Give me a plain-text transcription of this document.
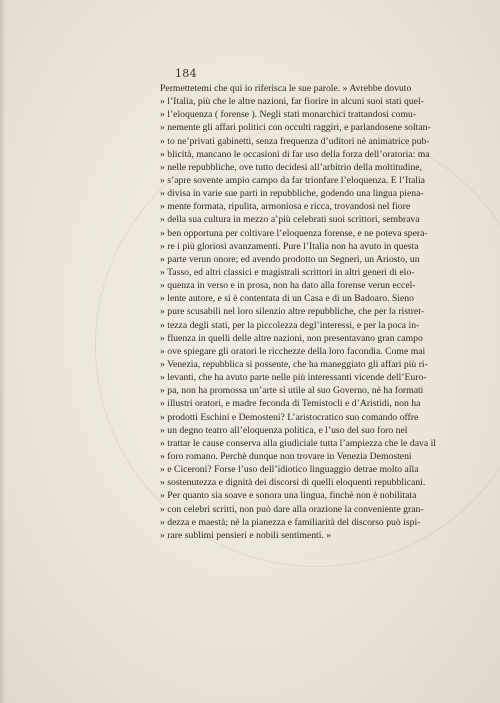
184
Permettetemi che qui io riferisca le sue parole. » Avrebbe dovuto
» l’Italia, più che le altre nazioni, far fiorire in alcuni suoi stati quel-
» l’eloquenza ( forense ). Negli stati monarchici trattandosi comu-
» nemente gli affari politici con occulti raggiri, e parlandosene soltan-
» to ne’privati gabinetti, senza frequenza d’uditori nè animatrice pub-
» blicità, mancano le occasioni di far uso della forza dell’oratoria: ma
» nelle repubbliche, ove tutto decidesi all’arbitrio della moltitudine,
» s’apre sovente ampio campo da far trionfare l’eloquenza. E l’Italia
» divisa in varie sue parti in repubbliche, godendo una lingua piena-
» mente formata, ripulita, armoniosa e ricca, trovandosi nel fiore
» della sua cultura in mezzo a’più celebrati suoi scrittori, sembrava
» ben opportuna per coltivare l’eloquenza forense, e ne poteva spera-
» re i più gloriosi avanzamenti. Pure l’Italia non ha avuto in questa
» parte verun onore; ed avendo prodotto un Segneri, un Ariosto, un
» Tasso, ed altri classici e magistrali scrittori in altri generi di elo-
» quenza in verso e in prosa, non ha dato alla forense verun eccel-
» lente autore, e si è contentata di un Casa e di un Badoaro. Sieno
» pure scusabili nel loro silenzio altre repubbliche, che per la ristret-
» tezza degli stati, per la piccolezza degl’interessi, e per la poca in-
» fluenza in quelli delle altre nazioni, non presentavano gran campo
» ove spiegare gli oratori le ricchezze della loro facondia. Come mai
» Venezia, repubblica sì possente, che ha maneggiato gli affari più ri-
» levanti, che ha avuto parte nelle più interessanti vicende dell’Euro-
» pa, non ha promossa un’arte sì utile al suo Governo, nè ha formati
» illustri oratori, e madre feconda di Temistocli e d’Aristidi, non ha
» prodotti Eschini e Demosteni? L’aristocratico suo comando offre
» un degno teatro all’eloquenza politica, e l’uso del suo foro nel
» trattar le cause conserva alla giudiciale tutta l’ampiezza che le dava il
» foro romano. Perchè dunque non trovare in Venezia Demosteni
» e Ciceroni? Forse l’uso dell’idiotico linguaggio detrae molto alla
» sostenutezza e dignità dei discorsi di quelli eloquenti repubblicani.
» Per quanto sia soave e sonora una lingua, finchè non è nobilitata
» con celebri scritti, non può dare alla orazione la conveniente gran-
» dezza e maestà; nè la pianezza e familiarità del discorso può ispi-
» rare sublimi pensieri e nobili sentimenti. »
